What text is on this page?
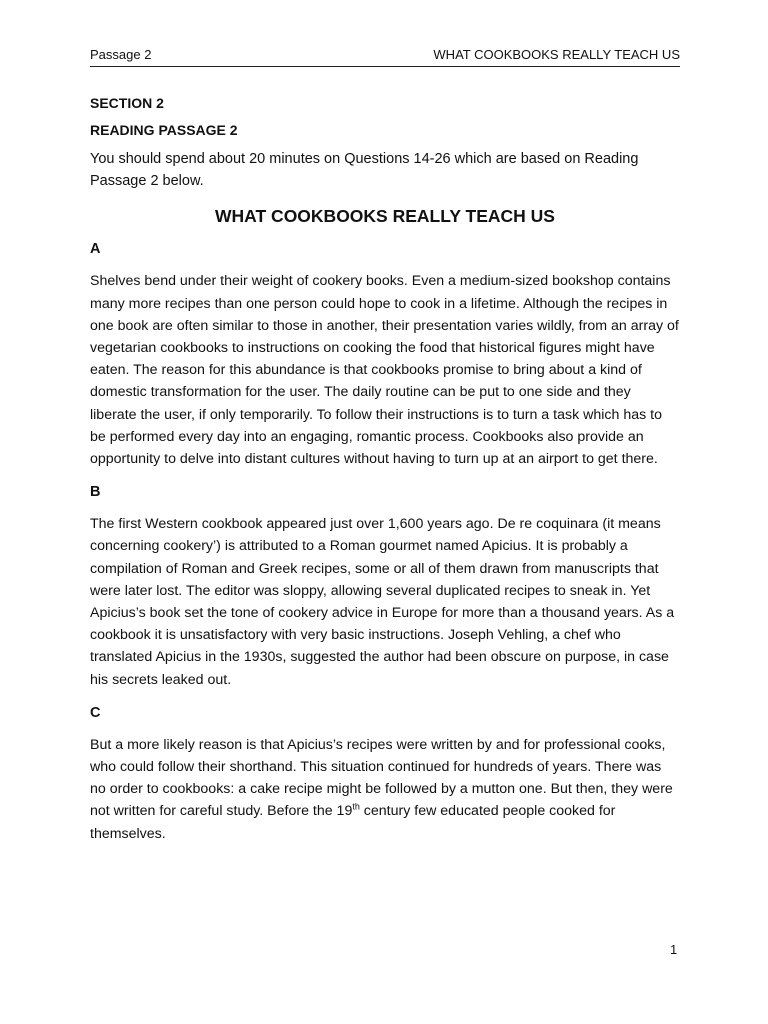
Passage 2	WHAT COOKBOOKS REALLY TEACH US
SECTION 2
READING PASSAGE 2

You should spend about 20 minutes on Questions 14-26 which are based on Reading Passage 2 below.

WHAT COOKBOOKS REALLY TEACH US
A

Shelves bend under their weight of cookery books. Even a medium-sized bookshop contains many more recipes than one person could hope to cook in a lifetime. Although the recipes in one book are often similar to those in another, their presentation varies wildly, from an array of vegetarian cookbooks to instructions on cooking the food that historical figures might have eaten. The reason for this abundance is that cookbooks promise to bring about a kind of domestic transformation for the user. The daily routine can be put to one side and they liberate the user, if only temporarily. To follow their instructions is to turn a task which has to be performed every day into an engaging, romantic process. Cookbooks also provide an opportunity to delve into distant cultures without having to turn up at an airport to get there.

B

The first Western cookbook appeared just over 1,600 years ago. De re coquinara (it means concerning cookery’) is attributed to a Roman gourmet named Apicius. It is probably a compilation of Roman and Greek recipes, some or all of them drawn from manuscripts that were later lost. The editor was sloppy, allowing several duplicated recipes to sneak in. Yet Apicius’s book set the tone of cookery advice in Europe for more than a thousand years. As a cookbook it is unsatisfactory with very basic instructions. Joseph Vehling, a chef who translated Apicius in the 1930s, suggested the author had been obscure on purpose, in case his secrets leaked out.

C

But a more likely reason is that Apicius’s recipes were written by and for professional cooks, who could follow their shorthand. This situation continued for hundreds of years. There was no order to cookbooks: a cake recipe might be followed by a mutton one. But then, they were not written for careful study. Before the 19th century few educated people cooked for themselves.

1
